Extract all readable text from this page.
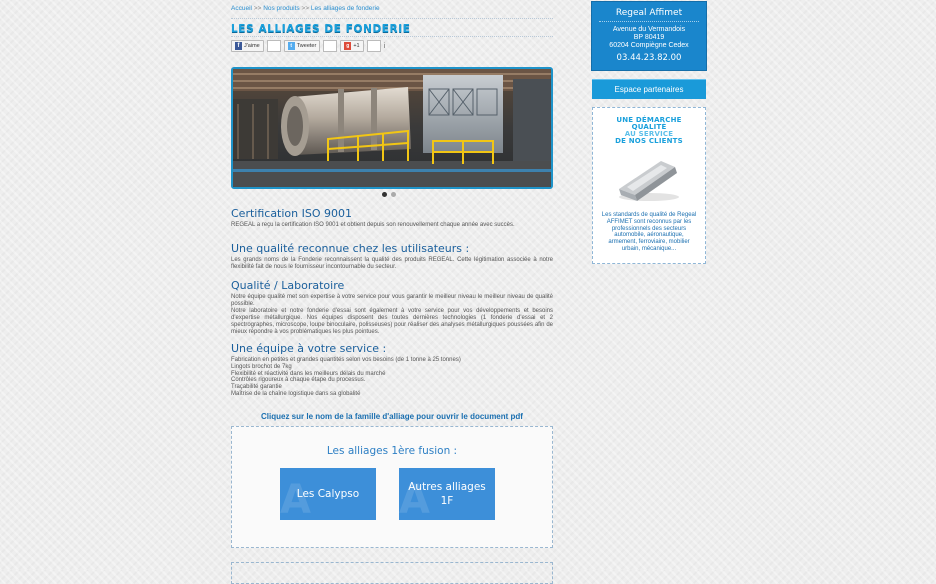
Accueil >> Nos produits >> Les alliages de fonderie
LES ALLIAGES DE FONDERIE
f J'aime	t Tweeter	g +1	i
Certification ISO 9001

REGEAL a reçu la certification ISO 9001 et obtient depuis son renouvellement chaque année avec succès.

Une qualité reconnue chez les utilisateurs :

Les grands noms de la Fonderie reconnaissent la qualité des produits REGEAL. Cette légitimation associée à notre flexibilité fait de nous le fournisseur incontournable du secteur.

Qualité / Laboratoire

Notre équipe qualité met son expertise à votre service pour vous garantir le meilleur niveau le meilleur niveau de qualité possible.

Notre laboratoire et notre fonderie d'essai sont également à votre service pour vos développements et besoins d'expertise métallurgique. Nos équipes disposent des toutes dernières technologies (1 fonderie d'essai et 2 spectrographes, microscope, loupe binoculaire, polisseuses) pour réaliser des analyses métallurgiques poussées afin de mieux répondre à vos problématiques les plus pointues.

Une équipe à votre service :
Fabrication en petites et grandes quantités selon vos besoins (de 1 tonne à 25 tonnes)
Lingots brochot de 7kg
Flexibilité et réactivité dans les meilleurs délais du marché
Contrôles rigoureux à chaque étape du processus.
Traçabilité garantie
Maîtrise de la chaîne logistique dans sa globalité
Cliquez sur le nom de la famille d'alliage pour ouvrir le document pdf
Les alliages 1ère fusion :
A
Les Calypso A
Autres alliages 1F
Regeal Affimet
Avenue du Vermandois
BP 80419
60204 Compiègne Cedex
03.44.23.82.00
Espace partenaires
UNE DÉMARCHE
QUALITÉ
AU SERVICE
DE NOS CLIENTS
Les standards de qualité de Regeal AFFIMET sont reconnus par les professionnels des secteurs automobile, aéronautique, armement, ferroviaire, mobilier urbain, mécanique...
